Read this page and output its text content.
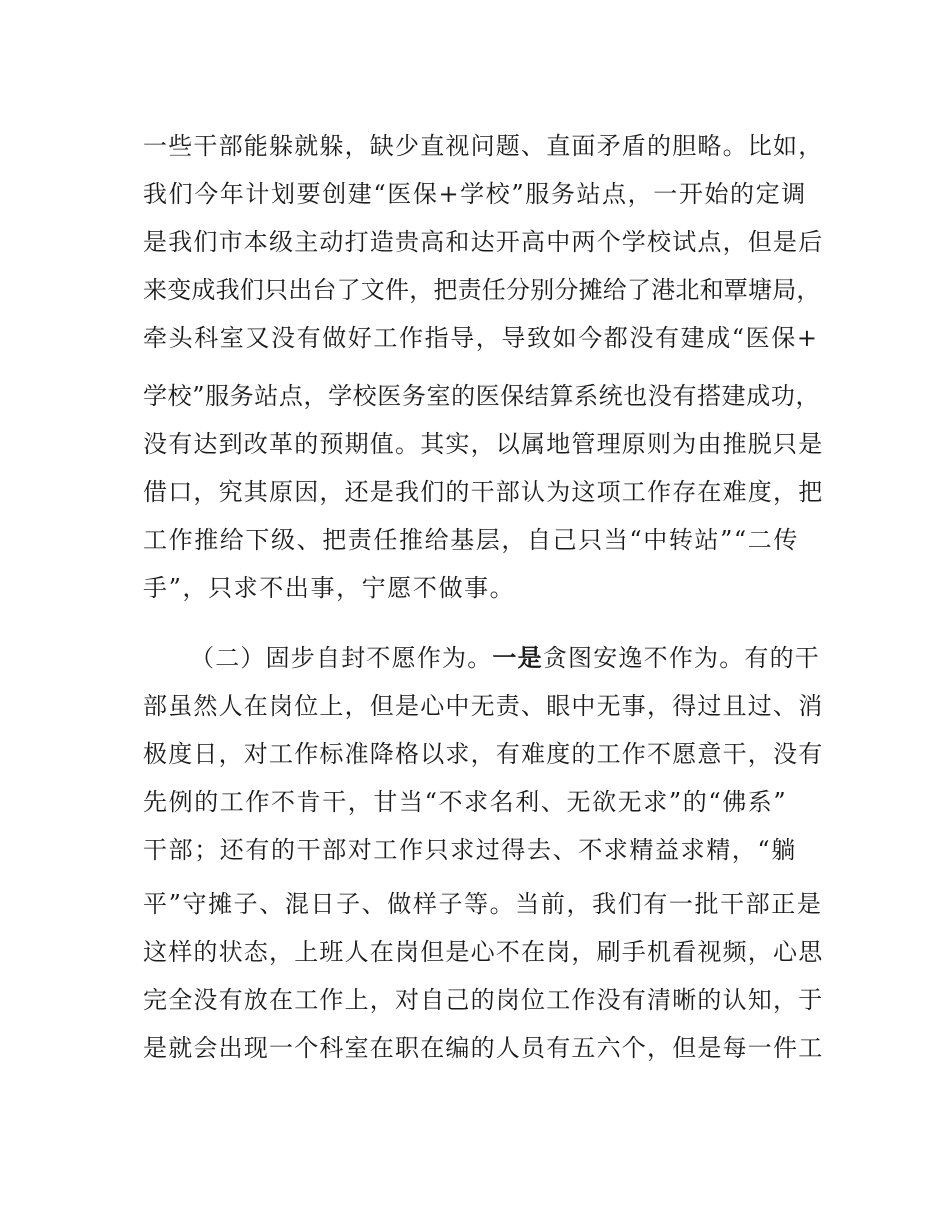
一些干部能躲就躲，缺少直视问题、直面矛盾的胆略。比如，
我们今年计划要创建“医保+学校”服务站点，一开始的定调
是我们市本级主动打造贵高和达开高中两个学校试点，但是后
来变成我们只出台了文件，把责任分别分摊给了港北和覃塘局，
牵头科室又没有做好工作指导，导致如今都没有建成“医保+
学校”服务站点，学校医务室的医保结算系统也没有搭建成功，
没有达到改革的预期值。其实，以属地管理原则为由推脱只是
借口，究其原因，还是我们的干部认为这项工作存在难度，把
工作推给下级、把责任推给基层，自己只当“中转站”“二传
手”，只求不出事，宁愿不做事。
（二）固步自封不愿作为。一是贪图安逸不作为。有的干
部虽然人在岗位上，但是心中无责、眼中无事，得过且过、消
极度日，对工作标准降格以求，有难度的工作不愿意干，没有
先例的工作不肯干，甘当“不求名利、无欲无求”的“佛系”
干部；还有的干部对工作只求过得去、不求精益求精，“躺
平”守摊子、混日子、做样子等。当前，我们有一批干部正是
这样的状态，上班人在岗但是心不在岗，刷手机看视频，心思
完全没有放在工作上，对自己的岗位工作没有清晰的认知，于
是就会出现一个科室在职在编的人员有五六个，但是每一件工
